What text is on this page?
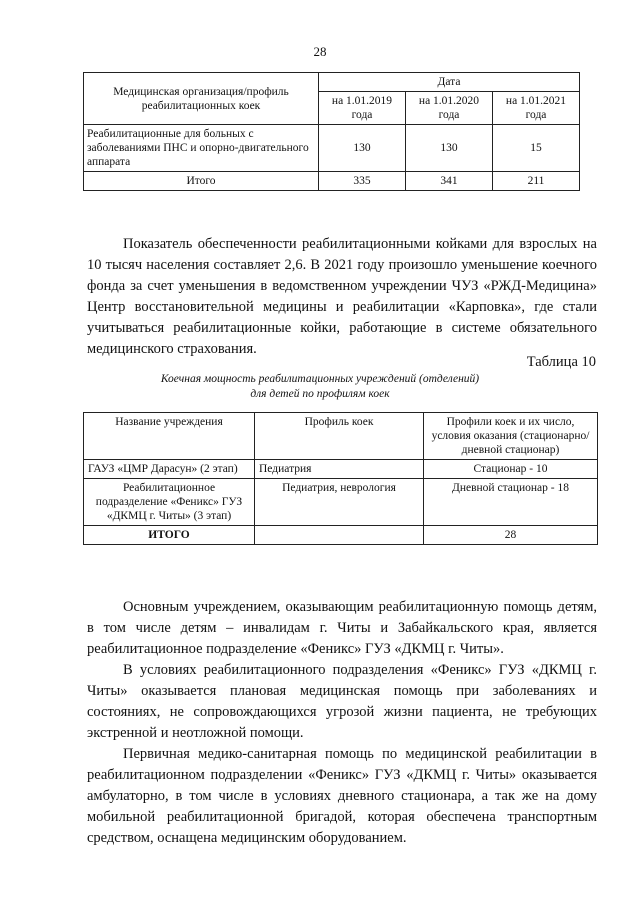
28
Медицинская организация/профиль реабилитационных коек	Дата		
	на 1.01.2019 года	на 1.01.2020 года	на 1.01.2021 года
Реабилитационные для больных с заболеваниями ПНС и опорно-двигательного аппарата	130	130	15
Итого	335	341	211
Показатель обеспеченности реабилитационными койками для взрослых на 10 тысяч населения составляет 2,6. В 2021 году произошло уменьшение коечного фонда за счет уменьшения в ведомственном учреждении ЧУЗ «РЖД-Медицина» Центр восстановительной медицины и реабилитации «Карповка», где стали учитываться реабилитационные койки, работающие в системе обязательного медицинского страхования.
Таблица 10
Коечная мощность реабилитационных учреждений (отделений)
для детей по профилям коек
Название учреждения	Профиль коек	Профили коек и их число, условия оказания (стационарно/дневной стационар)
ГАУЗ «ЦМР Дарасун» (2 этап)	Педиатрия	Стационар - 10
Реабилитационное подразделение «Феникс» ГУЗ «ДКМЦ г. Читы» (3 этап)	Педиатрия, неврология	Дневной стационар - 18
ИТОГО		28
Основным учреждением, оказывающим реабилитационную помощь детям, в том числе детям – инвалидам г. Читы и Забайкальского края, является реабилитационное подразделение «Феникс» ГУЗ «ДКМЦ г. Читы».
В условиях реабилитационного подразделения «Феникс» ГУЗ «ДКМЦ г. Читы» оказывается плановая медицинская помощь при заболеваниях и состояниях, не сопровождающихся угрозой жизни пациента, не требующих экстренной и неотложной помощи.
Первичная медико-санитарная помощь по медицинской реабилитации в реабилитационном подразделении «Феникс» ГУЗ «ДКМЦ г. Читы» оказывается амбулаторно, в том числе в условиях дневного стационара, а так же на дому мобильной реабилитационной бригадой, которая обеспечена транспортным средством, оснащена медицинским оборудованием.
